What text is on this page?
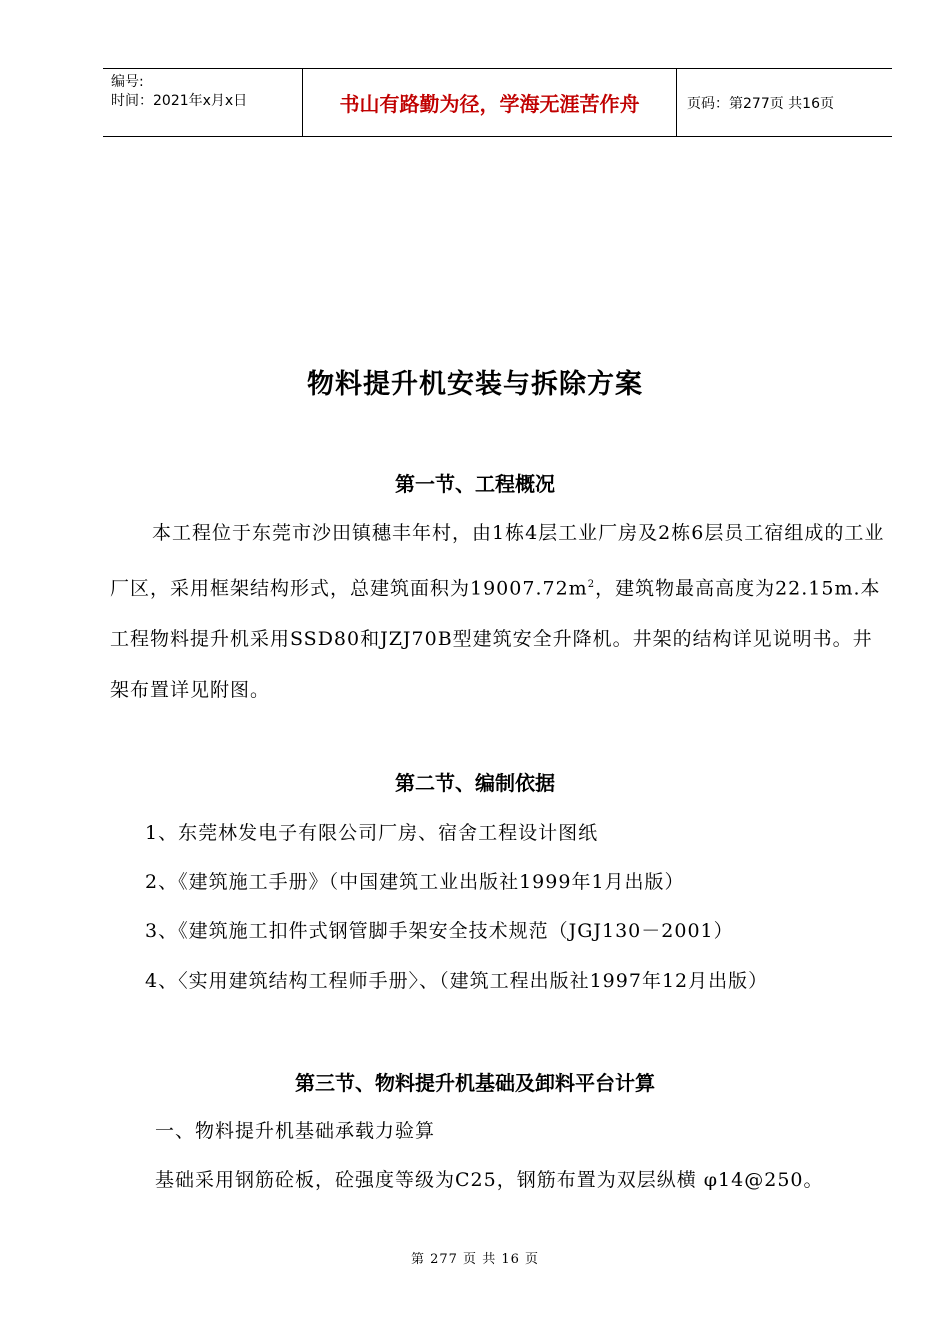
编号:
时间：2021年x月x日	书山有路勤为径，学海无涯苦作舟	页码：第277页 共16页
物料提升机安装与拆除方案
第一节、工程概况
本工程位于东莞市沙田镇穗丰年村，由1栋4层工业厂房及2栋6层员工宿组成的工业厂区，采用框架结构形式，总建筑面积为$19007.72m^2$，建筑物最高高度为22.15m.本工程物料提升机采用SSD80和JZJ70B型建筑安全升降机。井架的结构详见说明书。井架布置详见附图。
第二节、编制依据
1、东莞林发电子有限公司厂房、宿舍工程设计图纸
2、《建筑施工手册》（中国建筑工业出版社1999年1月出版）
3、《建筑施工扣件式钢管脚手架安全技术规范（JGJ130－2001）
4、〈实用建筑结构工程师手册〉、（建筑工程出版社1997年12月出版）
第三节、物料提升机基础及卸料平台计算
一、物料提升机基础承载力验算
基础采用钢筋砼板，砼强度等级为C25，钢筋布置为双层纵横 φ14@250。
第 277 页 共 16 页
